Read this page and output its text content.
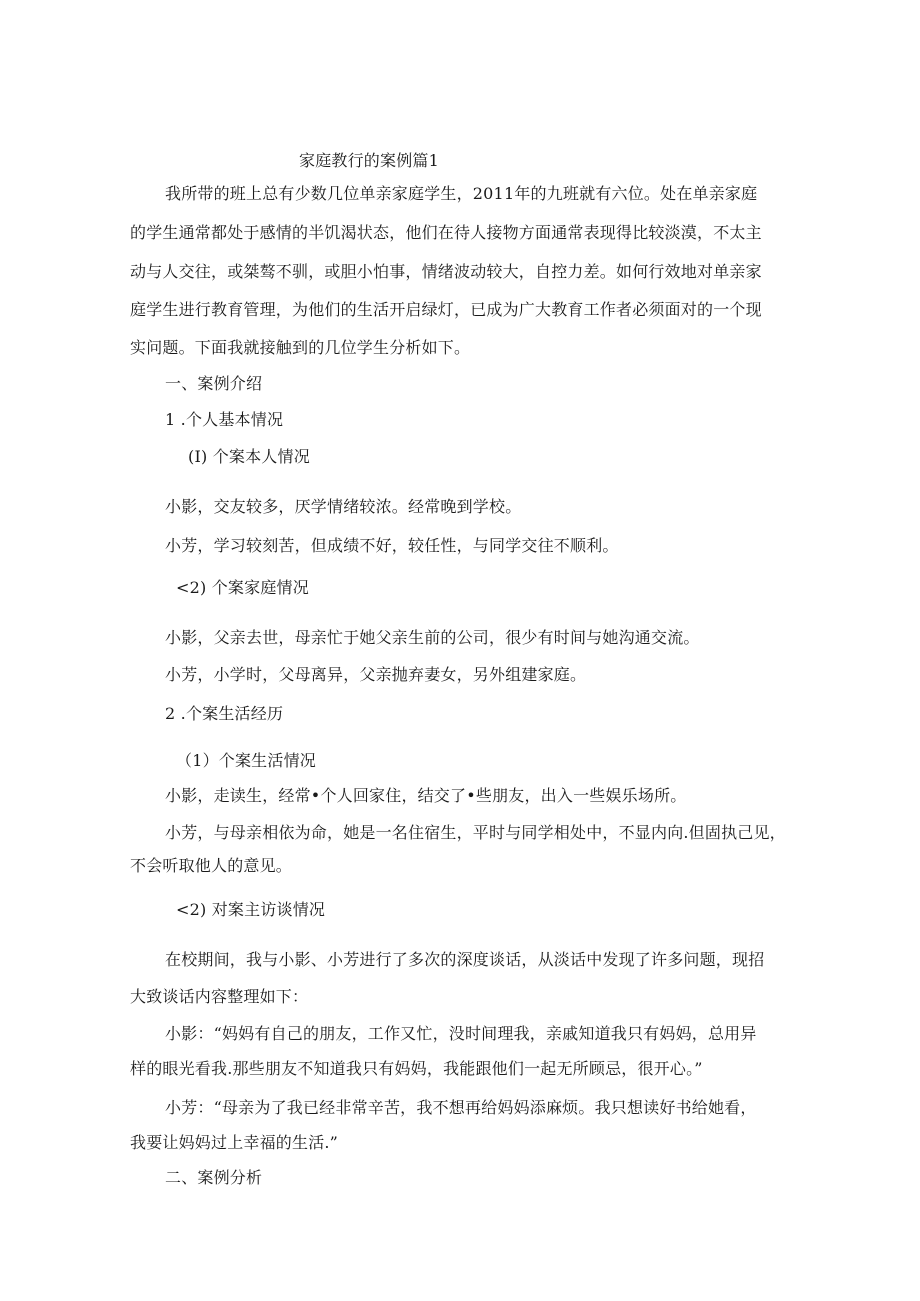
家庭教行的案例篇1
我所带的班上总有少数几位单亲家庭学生，2011年的九班就有六位。处在单亲家庭
的学生通常都处于感情的半饥渴状态，他们在待人接物方面通常表现得比较淡漠，不太主
动与人交往，或桀骜不驯，或胆小怕事，情绪波动较大，自控力差。如何行效地对单亲家
庭学生进行教育管理，为他们的生活开启绿灯，已成为广大教育工作者必须面对的一个现
实问题。下面我就接触到的几位学生分析如下。
一、案例介绍
1 .个人基本情况
(I) 个案本人情况
小影，交友较多，厌学情绪较浓。经常晚到学校。
小芳，学习较刻苦，但成绩不好，较任性，与同学交往不顺利。
<2) 个案家庭情况
小影，父亲去世，母亲忙于她父亲生前的公司，很少有时间与她沟通交流。
小芳，小学时，父母离异，父亲抛弃妻女，另外组建家庭。
2 .个案生活经历
（1）个案生活情况
小影，走读生，经常•个人回家住，结交了•些朋友，出入一些娱乐场所。
小芳，与母亲相依为命，她是一名住宿生，平时与同学相处中，不显内向.但固执己见，
不会听取他人的意见。
<2) 对案主访谈情况
在校期间，我与小影、小芳进行了多次的深度谈话，从淡话中发现了许多问题，现招
大致谈话内容整理如下：
小影：“妈妈有自己的朋友，工作又忙，没时间理我，亲戚知道我只有妈妈，总用异
样的眼光看我.那些朋友不知道我只有妈妈，我能跟他们一起无所顾忌，很开心。”
小芳：“母亲为了我已经非常辛苦，我不想再给妈妈添麻烦。我只想读好书给她看，
我要让妈妈过上幸福的生活.”
二、案例分析
